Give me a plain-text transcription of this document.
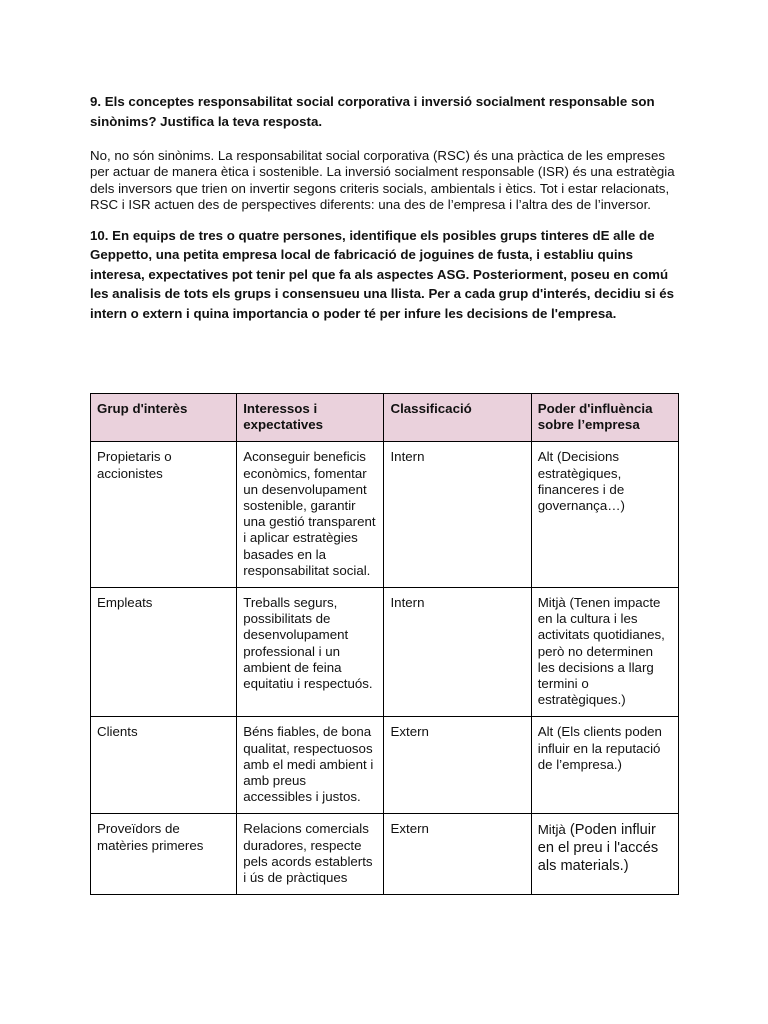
9. Els conceptes responsabilitat social corporativa i inversió socialment responsable son sinònims? Justifica la teva resposta.

No, no són sinònims. La responsabilitat social corporativa (RSC) és una pràctica de les empreses per actuar de manera ètica i sostenible. La inversió socialment responsable (ISR) és una estratègia dels inversors que trien on invertir segons criteris socials, ambientals i ètics. Tot i estar relacionats, RSC i ISR actuen des de perspectives diferents: una des de l’empresa i l’altra des de l’inversor.

10. En equips de tres o quatre persones, identifique els posibles grups tinteres dE alle de Geppetto, una petita empresa local de fabricació de joguines de fusta, i establiu quins interesa, expectatives pot tenir pel que fa als aspectes ASG. Posteriorment, poseu en comú les analisis de tots els grups i consensueu una llista. Per a cada grup d'interés, decidiu si és intern o extern i quina importancia o poder té per infure les decisions de l'empresa.

Grup d'interès	Interessos i expectatives	Classificació	Poder d'influència sobre l’empresa
Propietaris o accionistes	Aconseguir beneficis econòmics, fomentar un desenvolupament sostenible, garantir una gestió transparent i aplicar estratègies basades en la responsabilitat social.	Intern	Alt (Decisions estratègiques, financeres i de governança…)
Empleats	Treballs segurs, possibilitats de desenvolupament professional i un ambient de feina equitatiu i respectuós.	Intern	Mitjà (Tenen impacte en la cultura i les activitats quotidianes, però no determinen les decisions a llarg termini o estratègiques.)
Clients	Béns fiables, de bona qualitat, respectuosos amb el medi ambient i amb preus accessibles i justos.	Extern	Alt (Els clients poden influir en la reputació de l’empresa.)
Proveïdors de matèries primeres	Relacions comercials duradores, respecte pels acords establerts i ús de pràctiques	Extern	Mitjà (Poden influir en el preu i l'accés als materials.)
